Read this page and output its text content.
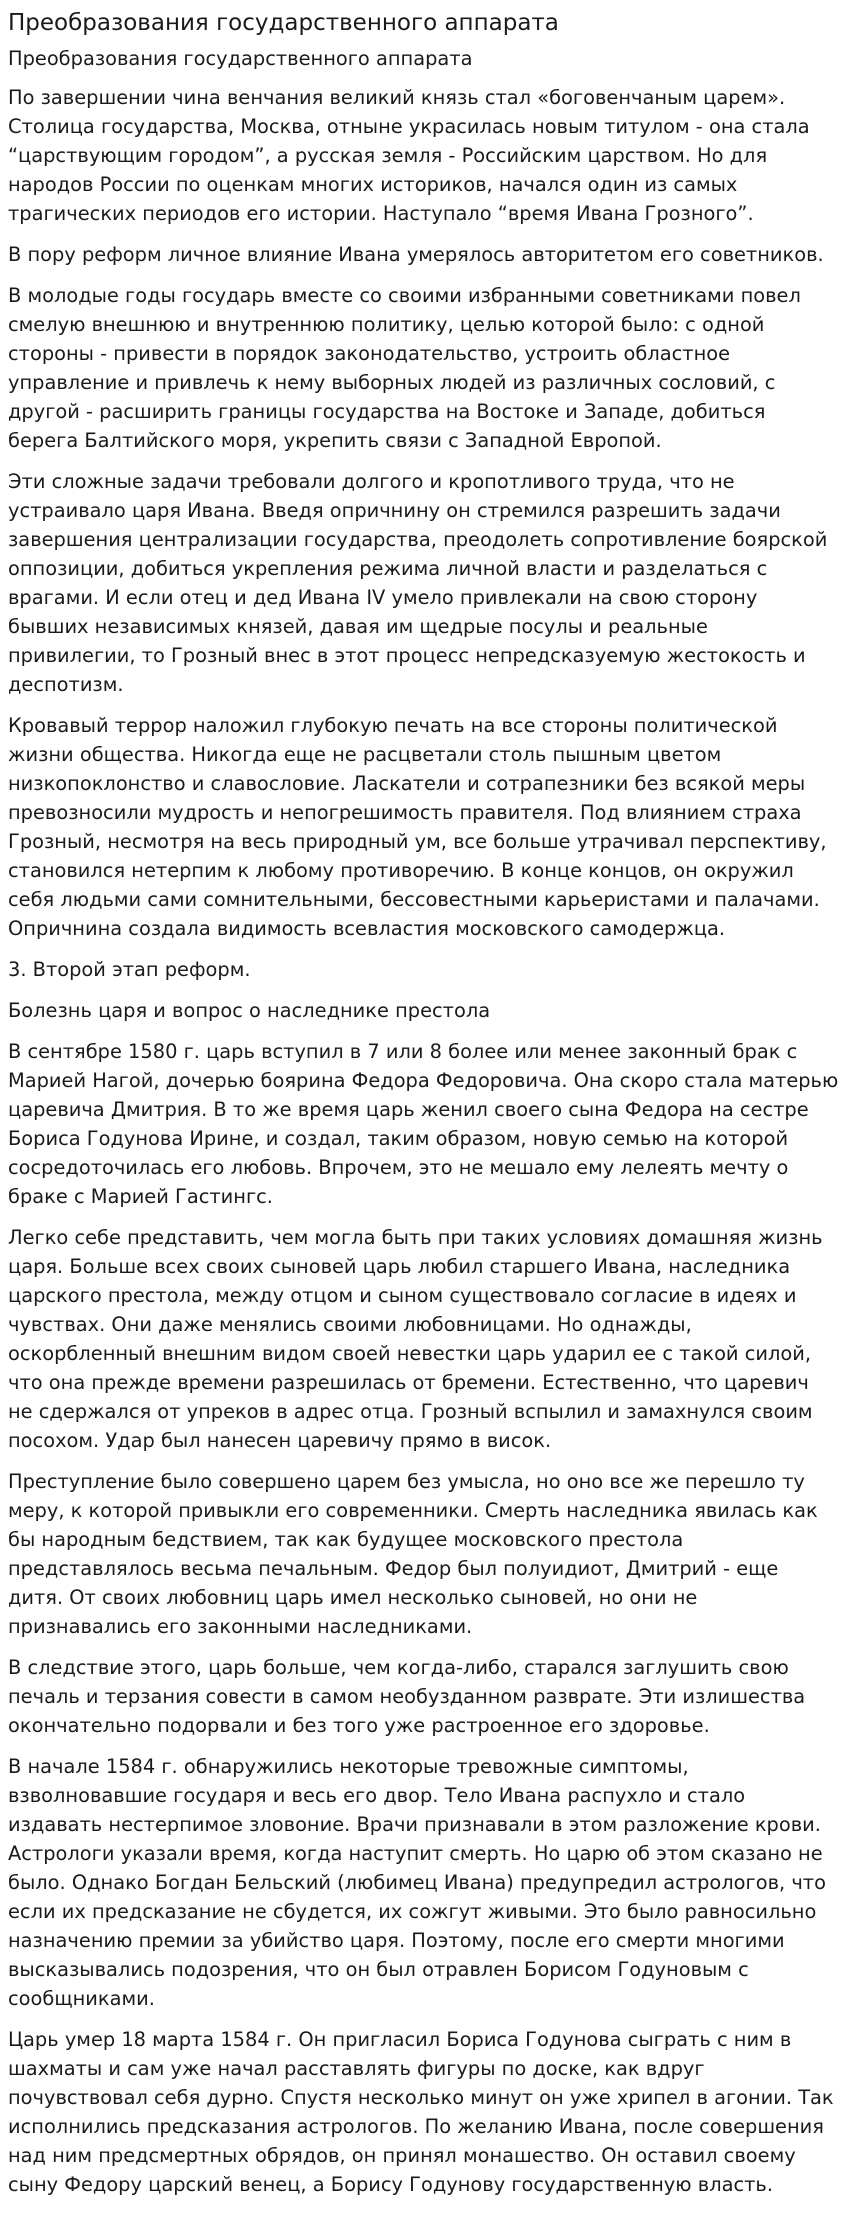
Преобразования государственного аппарата

Преобразования государственного аппарата

По завершении чина венчания великий князь стал «боговенчаным царем». Столица государства, Москва, отныне украсилась новым титулом - она стала “царствующим городом”, а русская земля - Российским царством. Но для народов России по оценкам многих историков, начался один из самых трагических периодов его истории. Наступало “время Ивана Грозного”.

В пору реформ личное влияние Ивана умерялось авторитетом его советников.

В молодые годы государь вместе со своими избранными советниками повел смелую внешнюю и внутреннюю политику, целью которой было: с одной стороны - привести в порядок законодательство, устроить областное управление и привлечь к нему выборных людей из различных сословий, с другой - расширить границы государства на Востоке и Западе, добиться берега Балтийского моря, укрепить связи с Западной Европой.

Эти сложные задачи требовали долгого и кропотливого труда, что не устраивало царя Ивана. Введя опричнину он стремился разрешить задачи завершения централизации государства, преодолеть сопротивление боярской оппозиции, добиться укрепления режима личной власти и разделаться с врагами. И если отец и дед Ивана IV умело привлекали на свою сторону бывших независимых князей, давая им щедрые посулы и реальные привилегии, то Грозный внес в этот процесс непредсказуемую жестокость и деспотизм.

Кровавый террор наложил глубокую печать на все стороны политической жизни общества. Никогда еще не расцветали столь пышным цветом низкопоклонство и славословие. Ласкатели и сотрапезники без всякой меры превозносили мудрость и непогрешимость правителя. Под влиянием страха Грозный, несмотря на весь природный ум, все больше утрачивал перспективу, становился нетерпим к любому противоречию. В конце концов, он окружил себя людьми сами сомнительными, бессовестными карьеристами и палачами. Опричнина создала видимость всевластия московского самодержца.

3. Второй этап реформ.

Болезнь царя и вопрос о наследнике престола

В сентябре 1580 г. царь вступил в 7 или 8 более или менее законный брак с Марией Нагой, дочерью боярина Федора Федоровича. Она скоро стала матерью царевича Дмитрия. В то же время царь женил своего сына Федора на сестре Бориса Годунова Ирине, и создал, таким образом, новую семью на которой сосредоточилась его любовь. Впрочем, это не мешало ему лелеять мечту о браке с Марией Гастингс.

Легко себе представить, чем могла быть при таких условиях домашняя жизнь царя. Больше всех своих сыновей царь любил старшего Ивана, наследника царского престола, между отцом и сыном существовало согласие в идеях и чувствах. Они даже менялись своими любовницами. Но однажды, оскорбленный внешним видом своей невестки царь ударил ее с такой силой, что она прежде времени разрешилась от бремени. Естественно, что царевич не сдержался от упреков в адрес отца. Грозный вспылил и замахнулся своим посохом. Удар был нанесен царевичу прямо в висок.

Преступление было совершено царем без умысла, но оно все же перешло ту меру, к которой привыкли его современники. Смерть наследника явилась как бы народным бедствием, так как будущее московского престола представлялось весьма печальным. Федор был полуидиот, Дмитрий - еще дитя. От своих любовниц царь имел несколько сыновей, но они не признавались его законными наследниками.

В следствие этого, царь больше, чем когда-либо, старался заглушить свою печаль и терзания совести в самом необузданном разврате. Эти излишества окончательно подорвали и без того уже растроенное его здоровье.

В начале 1584 г. обнаружились некоторые тревожные симптомы, взволновавшие государя и весь его двор. Тело Ивана распухло и стало издавать нестерпимое зловоние. Врачи признавали в этом разложение крови. Астрологи указали время, когда наступит смерть. Но царю об этом сказано не было. Однако Богдан Бельский (любимец Ивана) предупредил астрологов, что если их предсказание не сбудется, их сожгут живыми. Это было равносильно назначению премии за убийство царя. Поэтому, после его смерти многими высказывались подозрения, что он был отравлен Борисом Годуновым с сообщниками.

Царь умер 18 марта 1584 г. Он пригласил Бориса Годунова сыграть с ним в шахматы и сам уже начал расставлять фигуры по доске, как вдруг почувствовал себя дурно. Спустя несколько минут он уже хрипел в агонии. Так исполнились предсказания астрологов. По желанию Ивана, после совершения над ним предсмертных обрядов, он принял монашество. Он оставил своему сыну Федору царский венец, а Борису Годунову государственную власть.
